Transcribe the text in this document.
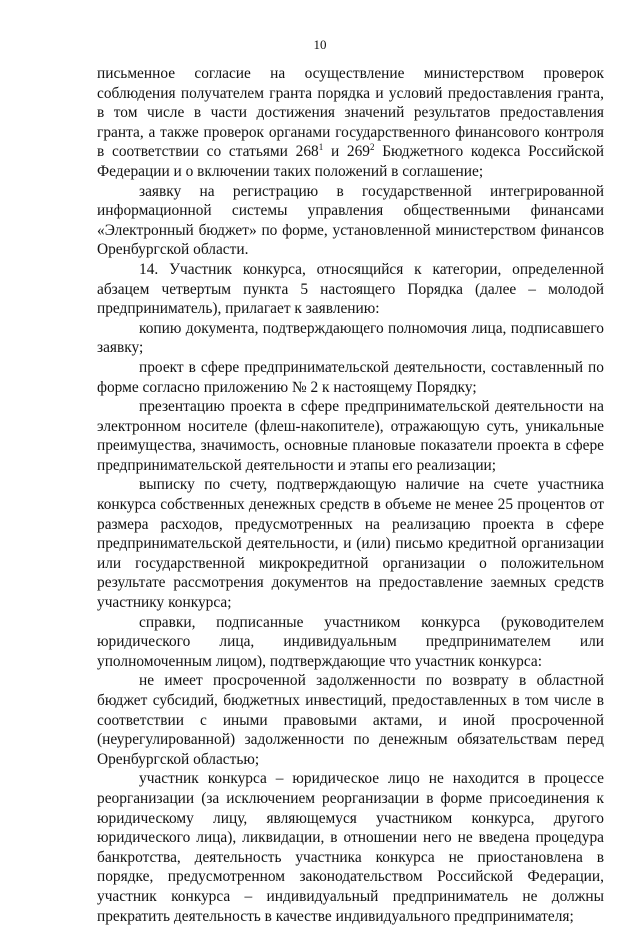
10

письменное согласие на осуществление министерством проверок соблюдения получателем гранта порядка и условий предоставления гранта, в том числе в части достижения значений результатов предоставления гранта, а также проверок органами государственного финансового контроля в соответствии со статьями $268^1$ и $269^2$ Бюджетного кодекса Российской Федерации и о включении таких положений в соглашение;

заявку на регистрацию в государственной интегрированной информационной системы управления общественными финансами «Электронный бюджет» по форме, установленной министерством финансов Оренбургской области.

14. Участник конкурса, относящийся к категории, определенной абзацем четвертым пункта 5 настоящего Порядка (далее – молодой предприниматель), прилагает к заявлению:

копию документа, подтверждающего полномочия лица, подписавшего заявку;

проект в сфере предпринимательской деятельности, составленный по форме согласно приложению № 2 к настоящему Порядку;

презентацию проекта в сфере предпринимательской деятельности на электронном носителе (флеш-накопителе), отражающую суть, уникальные преимущества, значимость, основные плановые показатели проекта в сфере предпринимательской деятельности и этапы его реализации;

выписку по счету, подтверждающую наличие на счете участника конкурса собственных денежных средств в объеме не менее 25 процентов от размера расходов, предусмотренных на реализацию проекта в сфере предпринимательской деятельности, и (или) письмо кредитной организации или государственной микрокредитной организации о положительном результате рассмотрения документов на предоставление заемных средств участнику конкурса;

справки, подписанные участником конкурса (руководителем юридического лица, индивидуальным предпринимателем или уполномоченным лицом), подтверждающие что участник конкурса:

не имеет просроченной задолженности по возврату в областной бюджет субсидий, бюджетных инвестиций, предоставленных в том числе в соответствии с иными правовыми актами, и иной просроченной (неурегулированной) задолженности по денежным обязательствам перед Оренбургской областью;

участник конкурса – юридическое лицо не находится в процессе реорганизации (за исключением реорганизации в форме присоединения к юридическому лицу, являющемуся участником конкурса, другого юридического лица), ликвидации, в отношении него не введена процедура банкротства, деятельность участника конкурса не приостановлена в порядке, предусмотренном законодательством Российской Федерации, участник конкурса – индивидуальный предприниматель не должны прекратить деятельность в качестве индивидуального предпринимателя;
